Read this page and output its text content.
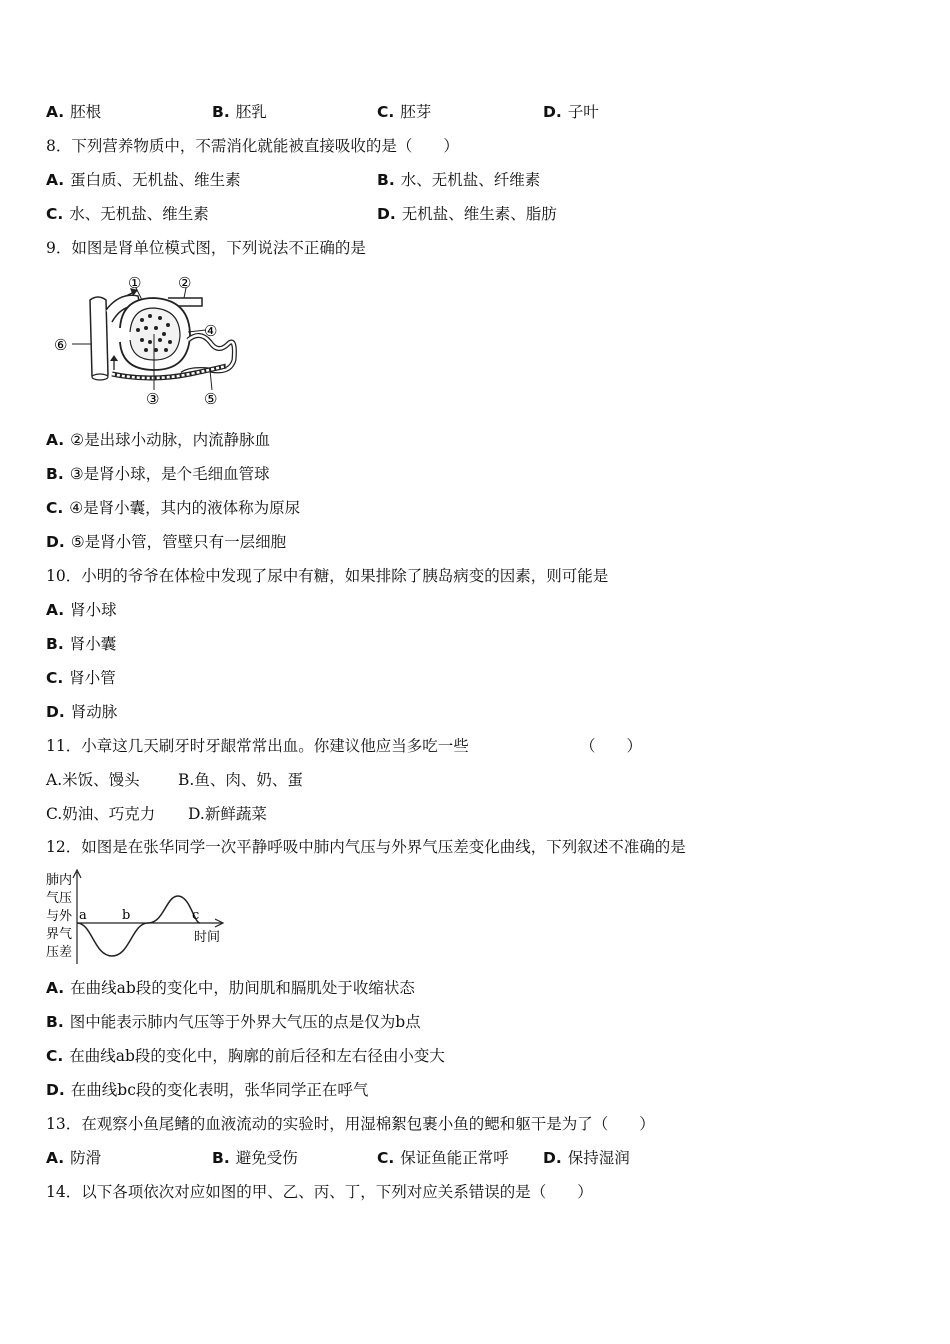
A. 胚根	B. 胚乳	C. 胚芽	D. 子叶
8．下列营养物质中，不需消化就能被直接吸收的是（　　）
A. 蛋白质、无机盐、维生素	B. 水、无机盐、纤维素
C. 水、无机盐、维生素	D. 无机盐、维生素、脂肪
9．如图是肾单位模式图，下列说法不正确的是
① ②
③
④
⑤
⑥
A. ②是出球小动脉，内流静脉血
B. ③是肾小球，是个毛细血管球
C. ④是肾小囊，其内的液体称为原尿
D. ⑤是肾小管，管壁只有一层细胞
10．小明的爷爷在体检中发现了尿中有糖，如果排除了胰岛病变的因素，则可能是
A. 肾小球
B. 肾小囊
C. 肾小管
D. 肾动脉
11．小章这几天刷牙时牙龈常常出血。你建议他应当多吃一些	（　　）
A.米饭、馒头 B.鱼、肉、奶、蛋
C.奶油、巧克力 D.新鲜蔬菜
12．如图是在张华同学一次平静呼吸中肺内气压与外界气压差变化曲线，下列叙述不准确的是
肺内
气压
与外
界气
压差
a	b	c
时间
A. 在曲线ab段的变化中，肋间肌和膈肌处于收缩状态
B. 图中能表示肺内气压等于外界大气压的点是仅为b点
C. 在曲线ab段的变化中，胸廓的前后径和左右径由小变大
D. 在曲线bc段的变化表明，张华同学正在呼气
13．在观察小鱼尾鳍的血液流动的实验时，用湿棉絮包裹小鱼的鳃和躯干是为了（　　）
A. 防滑	B. 避免受伤	C. 保证鱼能正常呼 D. 保持湿润
14．以下各项依次对应如图的甲、乙、丙、丁，下列对应关系错误的是（　　）
